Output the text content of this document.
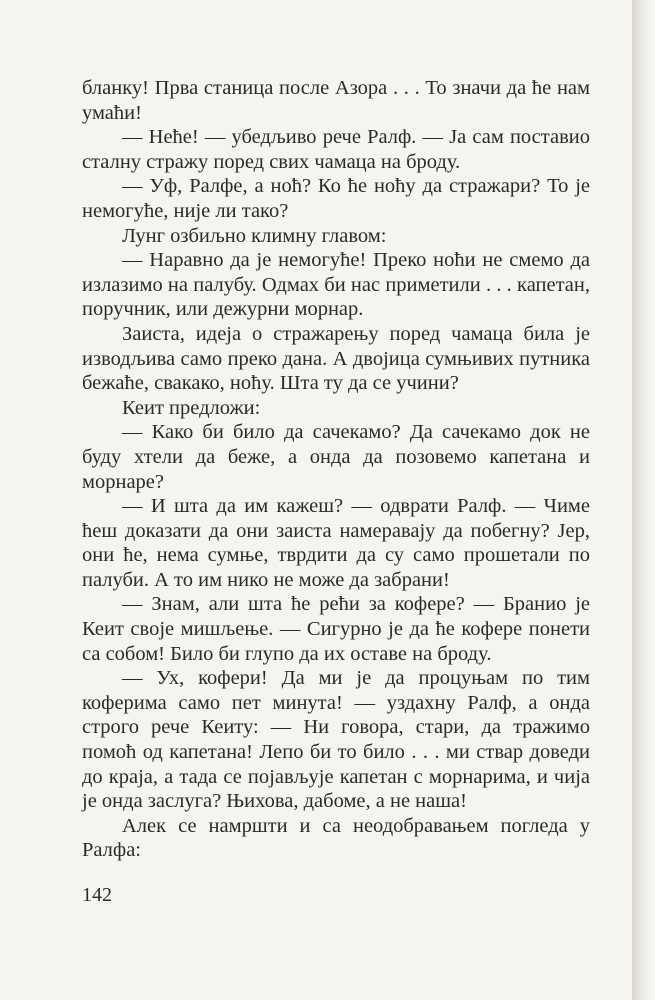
бланку! Прва станица после Азора . . . То значи да ће нам умаћи!

— Неће! — убедљиво рече Ралф. — Ја сам поставио сталну стражу поред свих чамаца на броду.

— Уф, Ралфе, а ноћ? Ко ће ноћу да стражари? То је немогуће, није ли тако?

Лунг озбиљно климну главом:

— Наравно да је немогуће! Преко ноћи не смемо да излазимо на палубу. Одмах би нас приметили . . . капетан, поручник, или дежурни морнар.

Заиста, идеја о стражарењу поред чамаца била је изводљива само преко дана. А двојица сумњивих путника бежаће, свакако, ноћу. Шта ту да се учини?

Кеит предложи:

— Како би било да сачекамо? Да сачекамо док не буду хтели да беже, а онда да позовемо капетана и морнаре?

— И шта да им кажеш? — одврати Ралф. — Чиме ћеш доказати да они заиста намеравају да побегну? Јер, они ће, нема сумње, тврдити да су само прошетали по палуби. А то им нико не може да забрани!

— Знам, али шта ће рећи за кофере? — Бранио је Кеит своје мишљење. — Сигурно је да ће кофере понети са собом! Било би глупо да их оставе на броду.

— Ух, кофери! Да ми је да процуњам по тим коферима само пет минута! — уздахну Ралф, а онда строго рече Кеиту: — Ни говора, стари, да тражимо помоћ од капетана! Лепо би то било . . . ми ствар доведи до краја, а тада се појављује капетан с морнарима, и чија је онда заслуга? Њихова, дабоме, а не наша!

Алек се намршти и са неодобравањем погледа у Ралфа:

142
